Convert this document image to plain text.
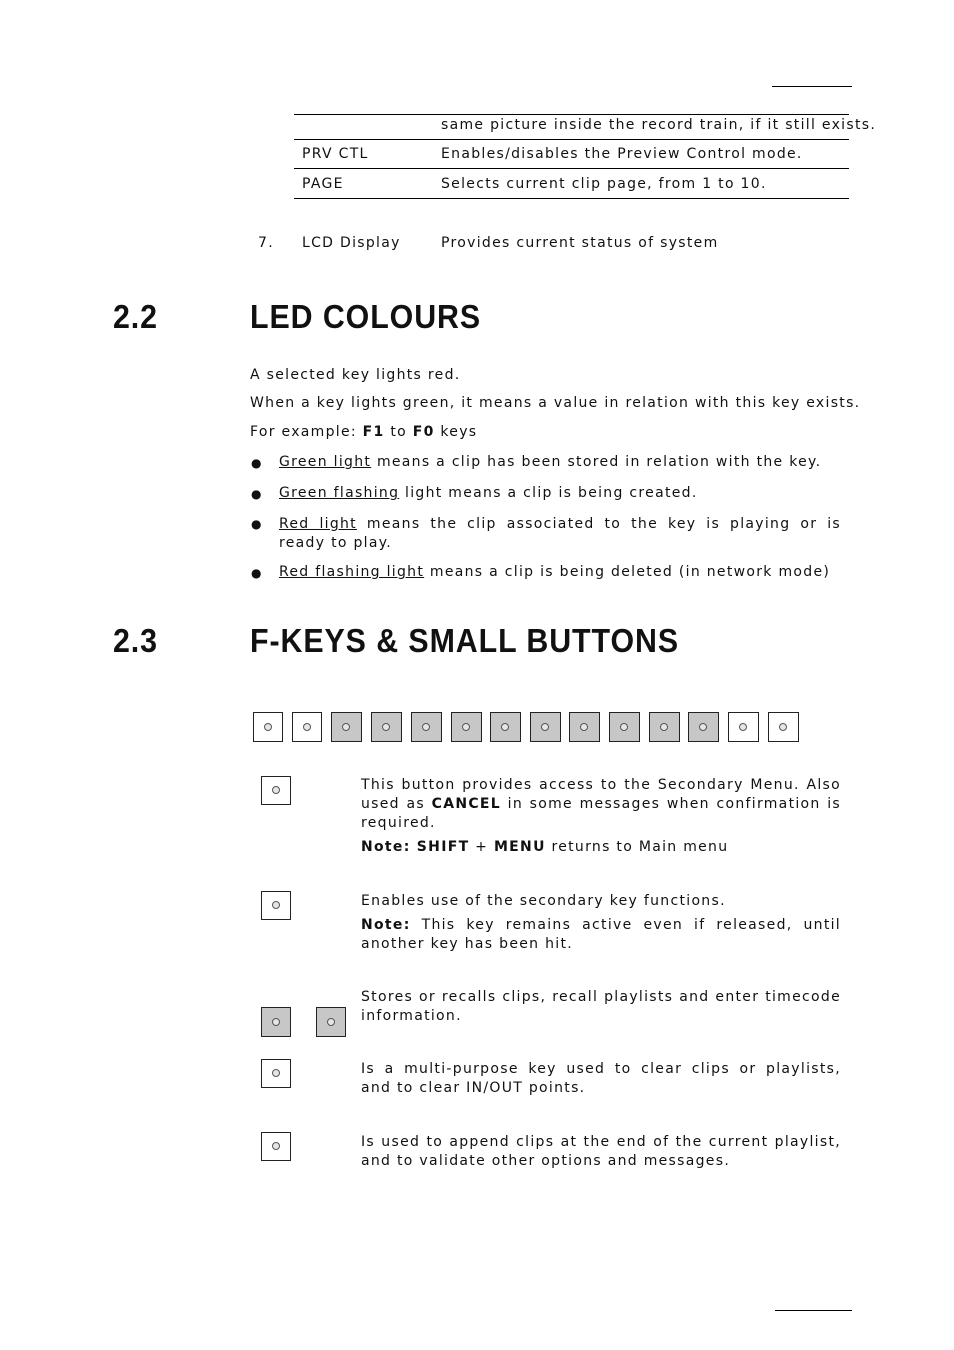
same picture inside the record train, if it still exists.
PRV CTL	Enables/disables the Preview Control mode.
PAGE	Selects current clip page, from 1 to 10.
7. LCD Display	Provides current status of system
2.2	LED COLOURS
A selected key lights red.
When a key lights green, it means a value in relation with this key exists.
For example: F1 to F0 keys
● Green light means a clip has been stored in relation with the key.
● Green flashing light means a clip is being created.
● Red light means the clip associated to the key is playing or is ready to play.
● Red flashing light means a clip is being deleted (in network mode)
2.3	F-KEYS & SMALL BUTTONS

This button provides access to the Secondary Menu. Also used as CANCEL in some messages when confirmation is required.

Note: SHIFT + MENU returns to Main menu

Enables use of the secondary key functions.

Note: This key remains active even if released, until another key has been hit.

Stores or recalls clips, recall playlists and enter timecode information.

Is a multi-purpose key used to clear clips or playlists, and to clear IN/OUT points.

Is used to append clips at the end of the current playlist, and to validate other options and messages.
